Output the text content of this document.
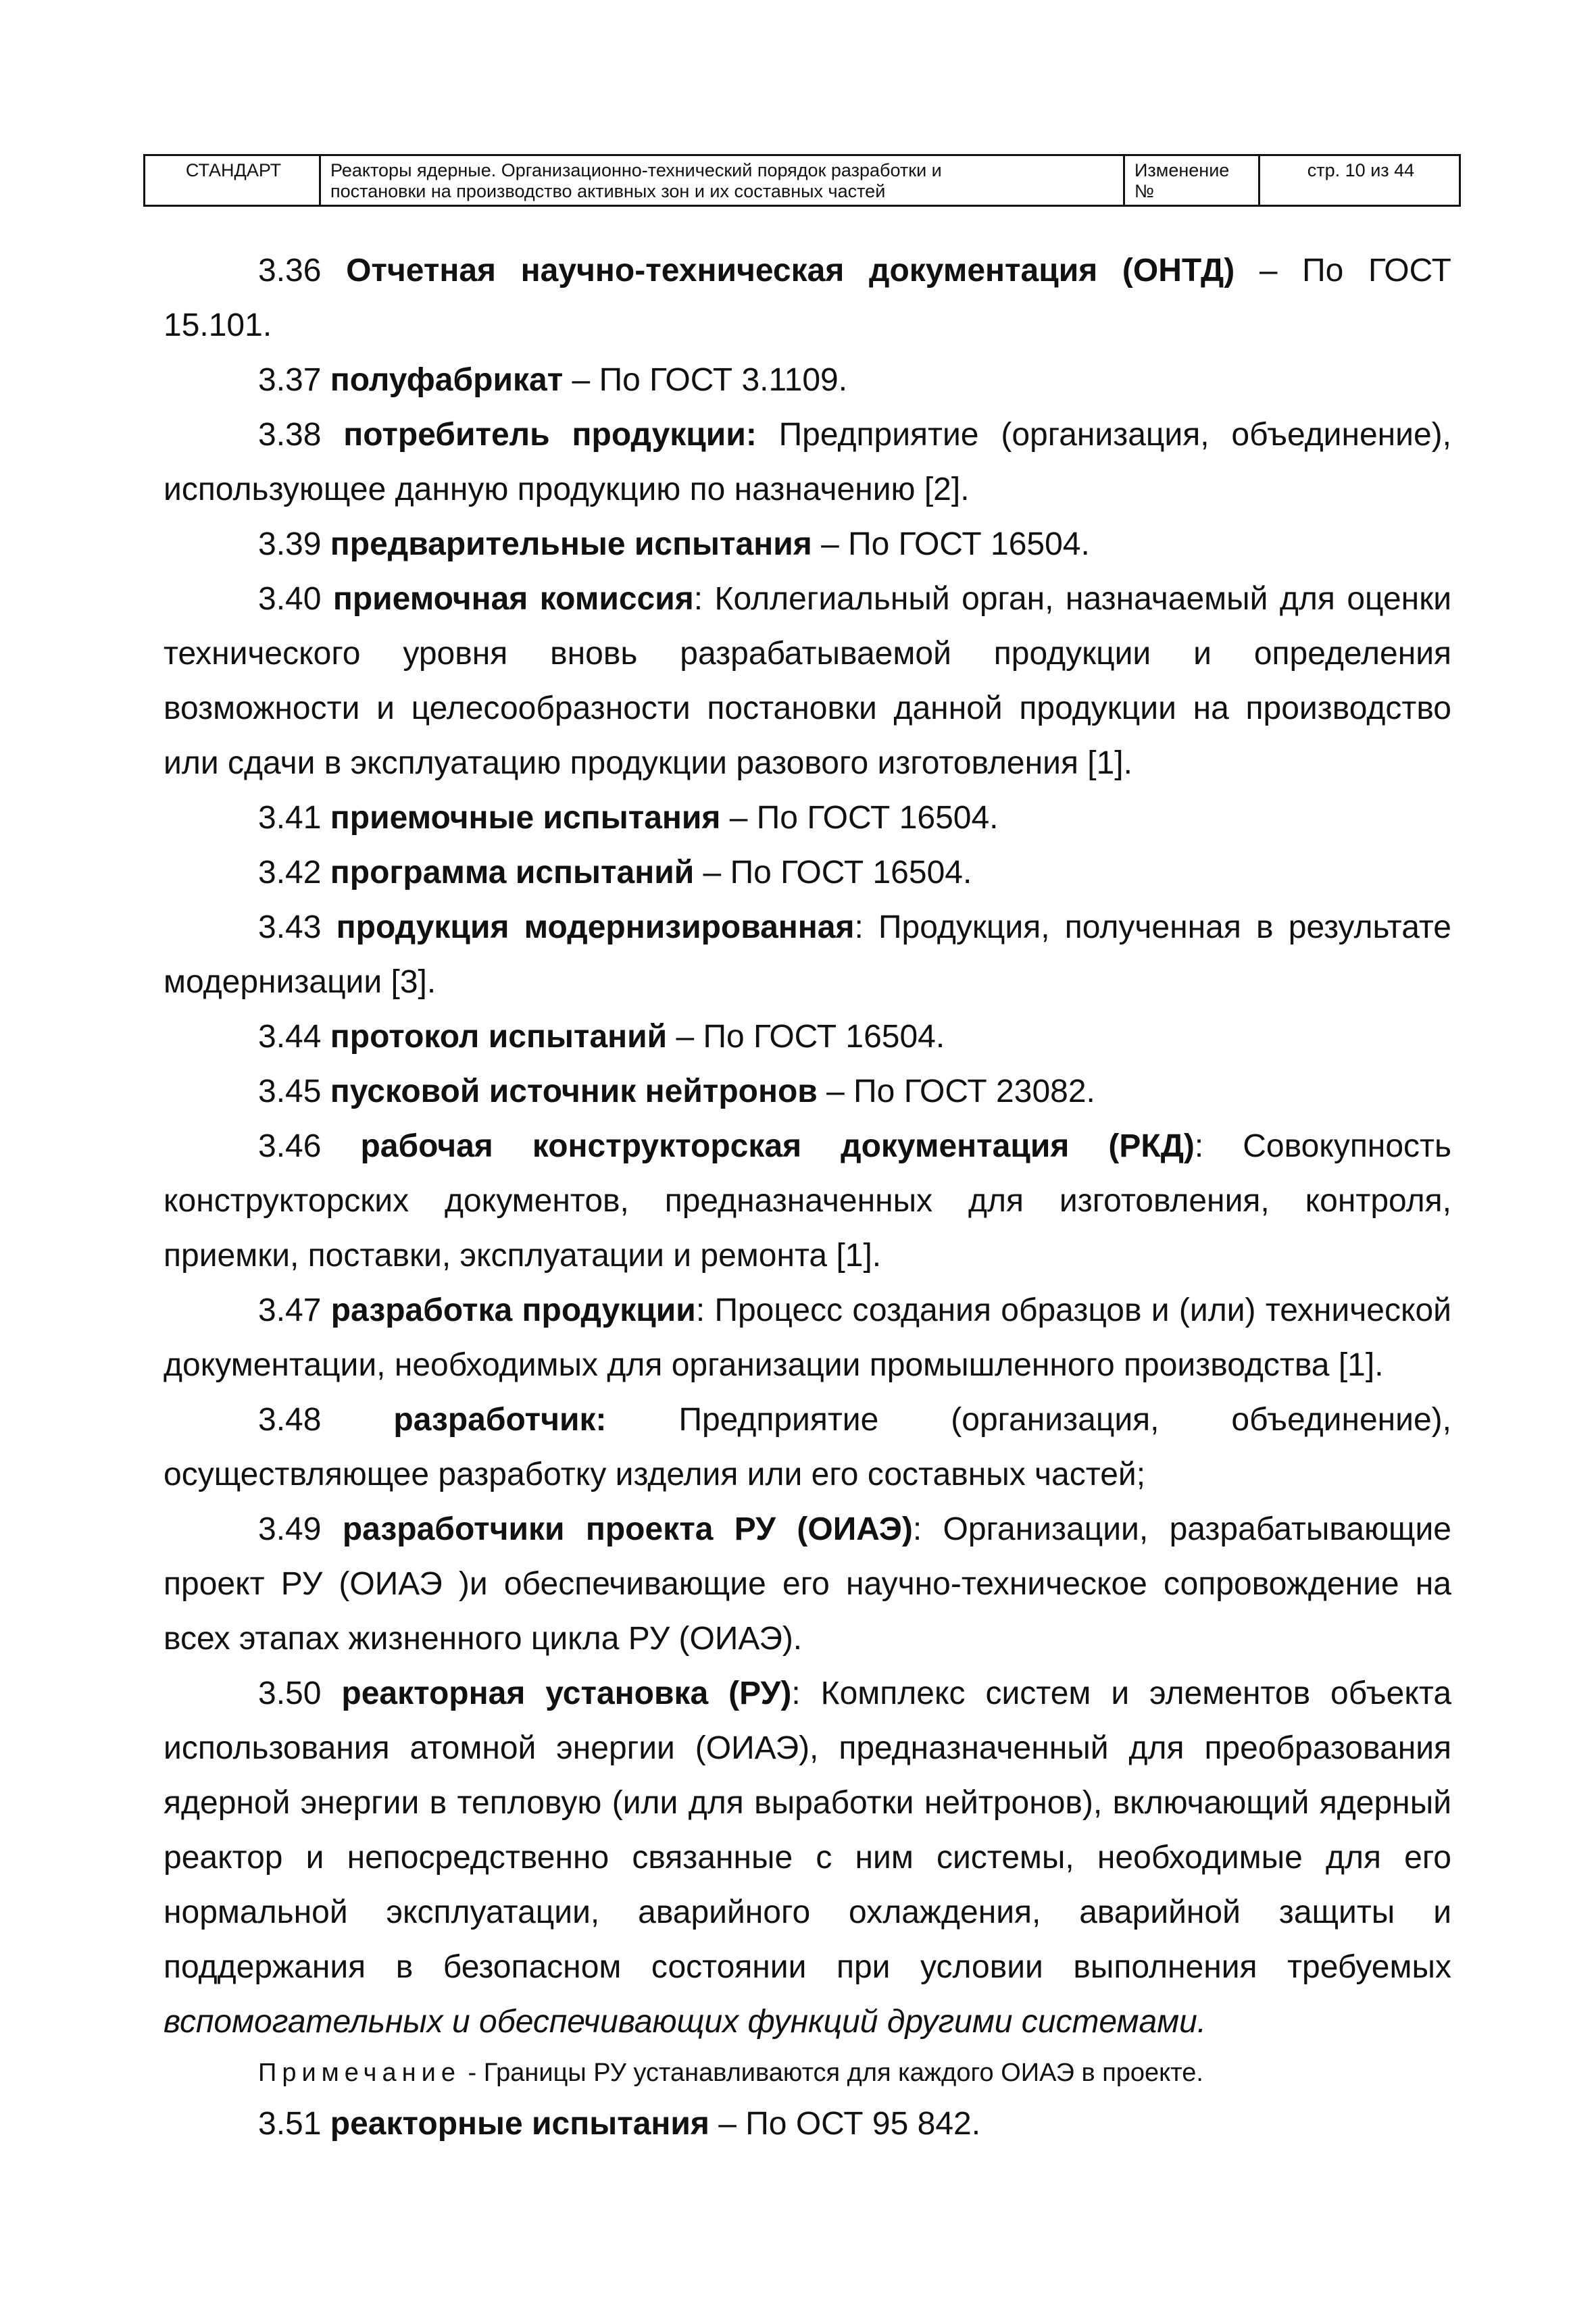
СТАНДАРТ	Реакторы ядерные. Организационно-технический порядок разработки и
постановки на производство активных зон и их составных частей
Изменение
№
стр. 10 из 44

3.36 Отчетная научно-техническая документация (ОНТД) – По ГОСТ 15.101.

3.37 полуфабрикат – По ГОСТ 3.1109.

3.38 потребитель продукции: Предприятие (организация, объединение), использующее данную продукцию по назначению [2].

3.39 предварительные испытания – По ГОСТ 16504.

3.40 приемочная комиссия: Коллегиальный орган, назначаемый для оценки технического уровня вновь разрабатываемой продукции и определения возможности и целесообразности постановки данной продукции на производство или сдачи в эксплуатацию продукции разового изготовления [1].

3.41 приемочные испытания – По ГОСТ 16504.

3.42 программа испытаний – По ГОСТ 16504.

3.43 продукция модернизированная: Продукция, полученная в результате модернизации [3].

3.44 протокол испытаний – По ГОСТ 16504.

3.45 пусковой источник нейтронов – По ГОСТ 23082.

3.46 рабочая конструкторская документация (РКД): Совокупность конструкторских документов, предназначенных для изготовления, контроля, приемки, поставки, эксплуатации и ремонта [1].

3.47 разработка продукции: Процесс создания образцов и (или) технической документации, необходимых для организации промышленного производства [1].

3.48 разработчик: Предприятие (организация, объединение), осуществляющее разработку изделия или его составных частей;

3.49 разработчики проекта РУ (ОИАЭ): Организации, разрабатывающие проект РУ (ОИАЭ )и обеспечивающие его научно-техническое сопровождение на всех этапах жизненного цикла РУ (ОИАЭ).

3.50 реакторная установка (РУ): Комплекс систем и элементов объекта использования атомной энергии (ОИАЭ), предназначенный для преобразования ядерной энергии в тепловую (или для выработки нейтронов), включающий ядерный реактор и непосредственно связанные с ним системы, необходимые для его нормальной эксплуатации, аварийного охлаждения, аварийной защиты и поддержания в безопасном состоянии при условии выполнения требуемых вспомогательных и обеспечивающих функций другими системами.

Примечание - Границы РУ устанавливаются для каждого ОИАЭ в проекте.

3.51 реакторные испытания – По ОСТ 95 842.
